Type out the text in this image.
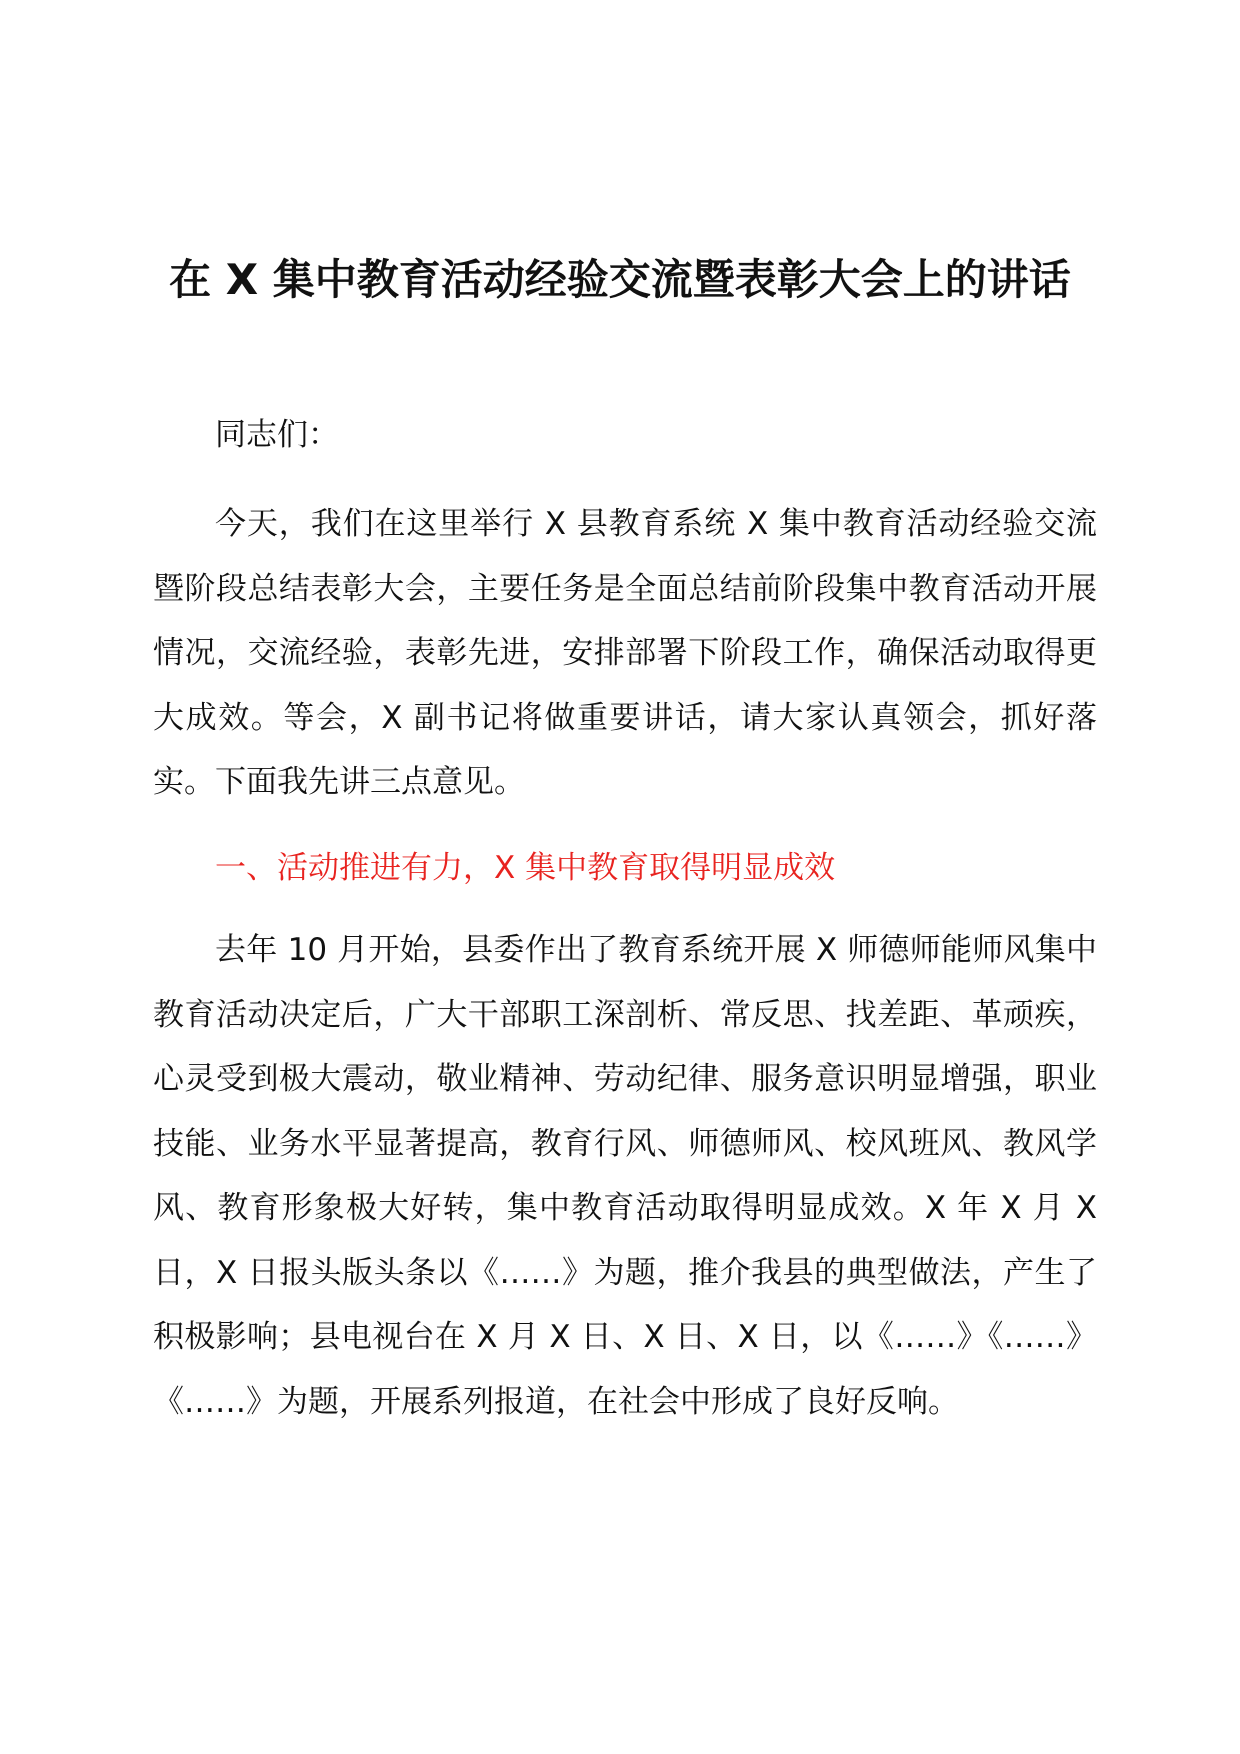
在 X 集中教育活动经验交流暨表彰大会上的讲话
同志们：
今天，我们在这里举行 X 县教育系统 X 集中教育活动经验交流暨阶段总结表彰大会，主要任务是全面总结前阶段集中教育活动开展情况，交流经验，表彰先进，安排部署下阶段工作，确保活动取得更大成效。等会，X 副书记将做重要讲话，请大家认真领会，抓好落实。下面我先讲三点意见。
一、活动推进有力，X 集中教育取得明显成效
去年 10 月开始，县委作出了教育系统开展 X 师德师能师风集中教育活动决定后，广大干部职工深剖析、常反思、找差距、革顽疾，心灵受到极大震动，敬业精神、劳动纪律、服务意识明显增强，职业技能、业务水平显著提高，教育行风、师德师风、校风班风、教风学风、教育形象极大好转，集中教育活动取得明显成效。X 年 X 月 X 日，X 日报头版头条以《……》为题，推介我县的典型做法，产生了积极影响；县电视台在 X 月 X 日、X 日、X 日，以《……》《……》《……》为题，开展系列报道，在社会中形成了良好反响。
